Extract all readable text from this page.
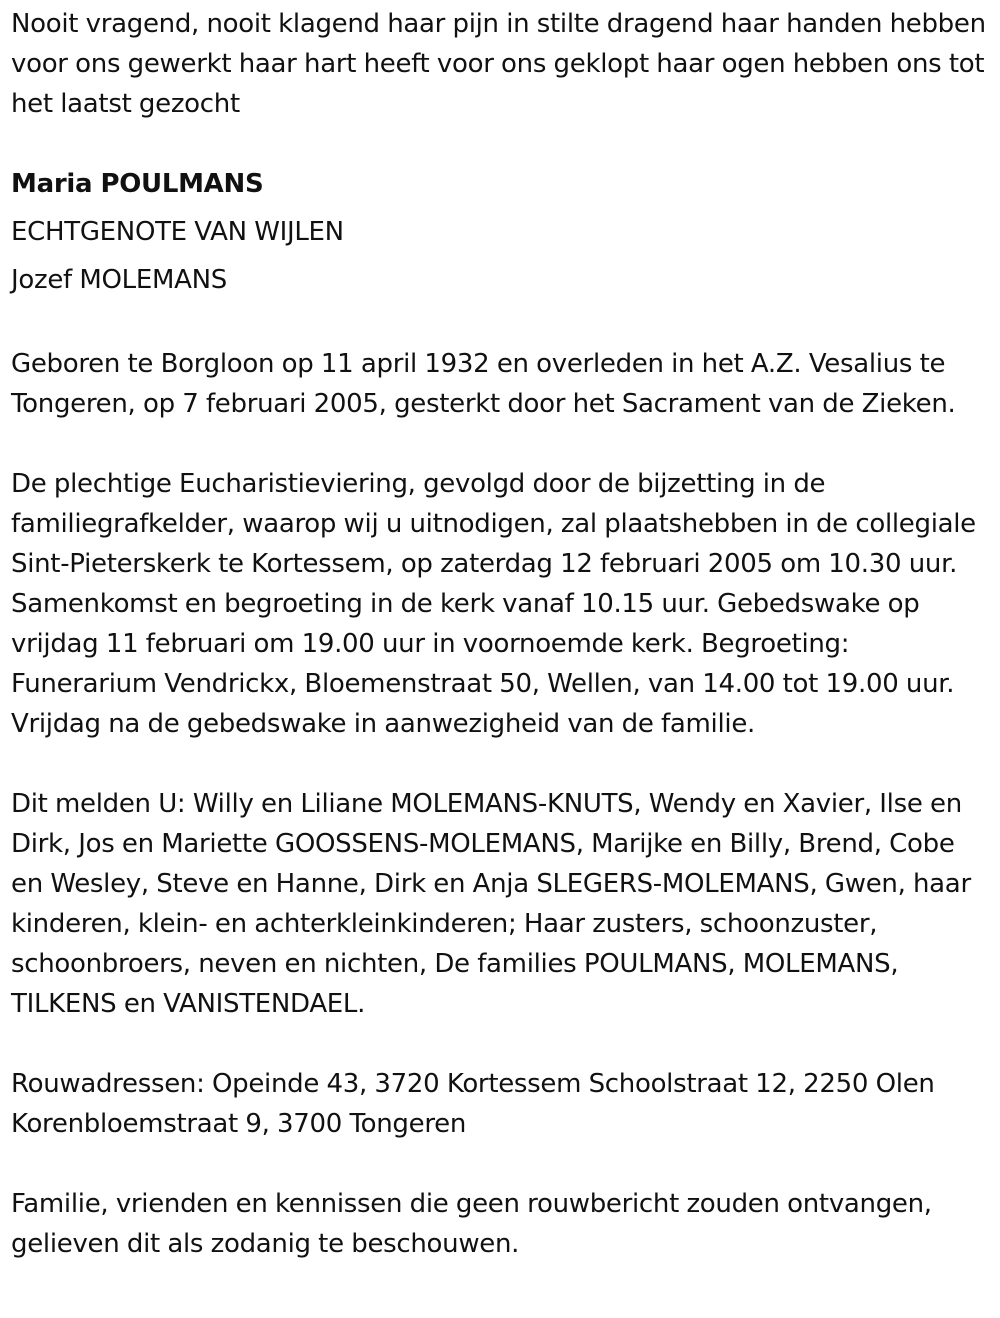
Nooit vragend, nooit klagend haar pijn in stilte dragend haar handen hebben voor ons gewerkt haar hart heeft voor ons geklopt haar ogen hebben ons tot het laatst gezocht

Maria POULMANS

ECHTGENOTE VAN WIJLEN

Jozef MOLEMANS

Geboren te Borgloon op 11 april 1932 en overleden in het A.Z. Vesalius te Tongeren, op 7 februari 2005, gesterkt door het Sacrament van de Zieken.

De plechtige Eucharistieviering, gevolgd door de bijzetting in de familiegrafkelder, waarop wij u uitnodigen, zal plaatshebben in de collegiale Sint-Pieterskerk te Kortessem, op zaterdag 12 februari 2005 om 10.30 uur. Samenkomst en begroeting in de kerk vanaf 10.15 uur. Gebedswake op vrijdag 11 februari om 19.00 uur in voornoemde kerk. Begroeting: Funerarium Vendrickx, Bloemenstraat 50, Wellen, van 14.00 tot 19.00 uur. Vrijdag na de gebedswake in aanwezigheid van de familie.

Dit melden U: Willy en Liliane MOLEMANS-KNUTS, Wendy en Xavier, Ilse en Dirk, Jos en Mariette GOOSSENS-MOLEMANS, Marijke en Billy, Brend, Cobe en Wesley, Steve en Hanne, Dirk en Anja SLEGERS-MOLEMANS, Gwen, haar kinderen, klein- en achterkleinkinderen; Haar zusters, schoonzuster, schoonbroers, neven en nichten, De families POULMANS, MOLEMANS, TILKENS en VANISTENDAEL.

Rouwadressen: Opeinde 43, 3720 Kortessem Schoolstraat 12, 2250 Olen Korenbloemstraat 9, 3700 Tongeren

Familie, vrienden en kennissen die geen rouwbericht zouden ontvangen, gelieven dit als zodanig te beschouwen.
